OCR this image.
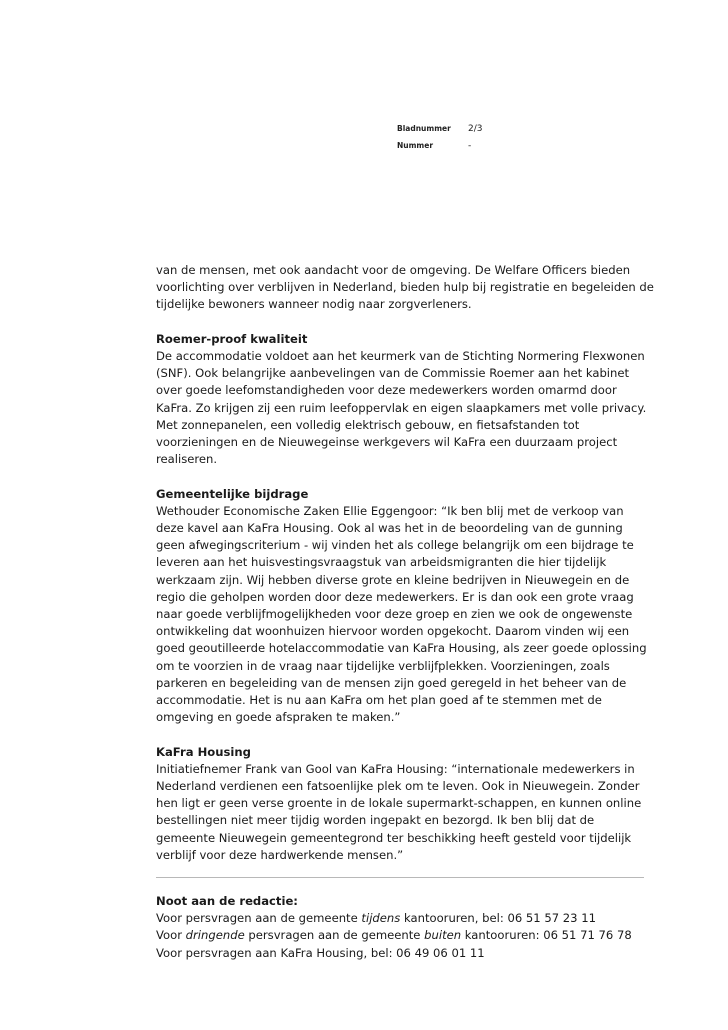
Bladnummer	2/3
Nummer	-
van de mensen, met ook aandacht voor de omgeving. De Welfare Officers bieden
voorlichting over verblijven in Nederland, bieden hulp bij registratie en begeleiden de
tijdelijke bewoners wanneer nodig naar zorgverleners.
Roemer-proof kwaliteit
De accommodatie voldoet aan het keurmerk van de Stichting Normering Flexwonen
(SNF). Ook belangrijke aanbevelingen van de Commissie Roemer aan het kabinet
over goede leefomstandigheden voor deze medewerkers worden omarmd door
KaFra. Zo krijgen zij een ruim leefoppervlak en eigen slaapkamers met volle privacy.
Met zonnepanelen, een volledig elektrisch gebouw, en fietsafstanden tot
voorzieningen en de Nieuwegeinse werkgevers wil KaFra een duurzaam project
realiseren.
Gemeentelijke bijdrage
Wethouder Economische Zaken Ellie Eggengoor: “Ik ben blij met de verkoop van
deze kavel aan KaFra Housing. Ook al was het in de beoordeling van de gunning
geen afwegingscriterium - wij vinden het als college belangrijk om een bijdrage te
leveren aan het huisvestingsvraagstuk van arbeidsmigranten die hier tijdelijk
werkzaam zijn. Wij hebben diverse grote en kleine bedrijven in Nieuwegein en de
regio die geholpen worden door deze medewerkers. Er is dan ook een grote vraag
naar goede verblijfmogelijkheden voor deze groep en zien we ook de ongewenste
ontwikkeling dat woonhuizen hiervoor worden opgekocht. Daarom vinden wij een
goed geoutilleerde hotelaccommodatie van KaFra Housing, als zeer goede oplossing
om te voorzien in de vraag naar tijdelijke verblijfplekken. Voorzieningen, zoals
parkeren en begeleiding van de mensen zijn goed geregeld in het beheer van de
accommodatie. Het is nu aan KaFra om het plan goed af te stemmen met de
omgeving en goede afspraken te maken.”
KaFra Housing
Initiatiefnemer Frank van Gool van KaFra Housing: “internationale medewerkers in
Nederland verdienen een fatsoenlijke plek om te leven. Ook in Nieuwegein. Zonder
hen ligt er geen verse groente in de lokale supermarkt-schappen, en kunnen online
bestellingen niet meer tijdig worden ingepakt en bezorgd. Ik ben blij dat de
gemeente Nieuwegein gemeentegrond ter beschikking heeft gesteld voor tijdelijk
verblijf voor deze hardwerkende mensen.”
Noot aan de redactie:
Voor persvragen aan de gemeente tijdens kantooruren, bel: 06 51 57 23 11
Voor dringende persvragen aan de gemeente buiten kantooruren: 06 51 71 76 78
Voor persvragen aan KaFra Housing, bel: 06 49 06 01 11
